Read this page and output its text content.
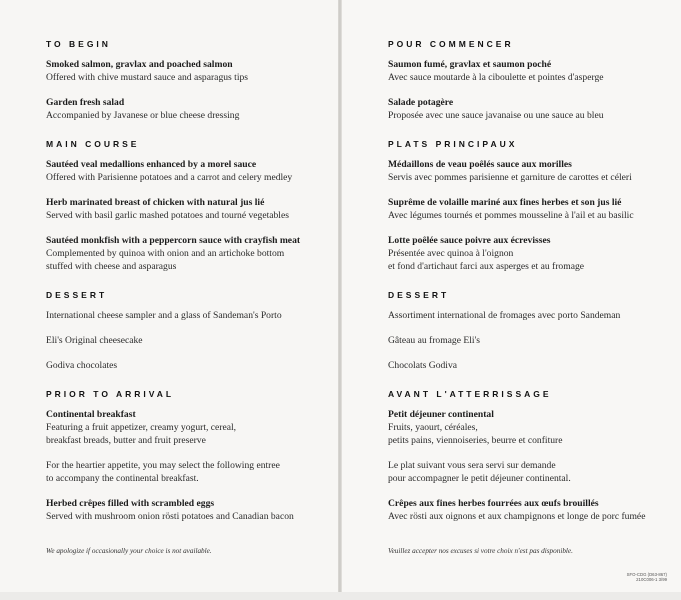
TO BEGIN
Smoked salmon, gravlax and poached salmon
Offered with chive mustard sauce and asparagus tips
Garden fresh salad
Accompanied by Javanese or blue cheese dressing
MAIN COURSE
Sautéed veal medallions enhanced by a morel sauce
Offered with Parisienne potatoes and a carrot and celery medley
Herb marinated breast of chicken with natural jus lié
Served with basil garlic mashed potatoes and tourné vegetables
Sautéed monkfish with a peppercorn sauce with crayfish meat
Complemented by quinoa with onion and an artichoke bottom
stuffed with cheese and asparagus
DESSERT
International cheese sampler and a glass of Sandeman's Porto
Eli's Original cheesecake
Godiva chocolates
PRIOR TO ARRIVAL
Continental breakfast
Featuring a fruit appetizer, creamy yogurt, cereal,
breakfast breads, butter and fruit preserve
For the heartier appetite, you may select the following entree
to accompany the continental breakfast.
Herbed crêpes filled with scrambled eggs
Served with mushroom onion rösti potatoes and Canadian bacon
We apologize if occasionally your choice is not available.
POUR COMMENCER
Saumon fumé, gravlax et saumon poché
Avec sauce moutarde à la ciboulette et pointes d'asperge
Salade potagère
Proposée avec une sauce javanaise ou une sauce au bleu
PLATS PRINCIPAUX
Médaillons de veau poêlés sauce aux morilles
Servis avec pommes parisienne et garniture de carottes et céleri
Suprême de volaille mariné aux fines herbes et son jus lié
Avec légumes tournés et pommes mousseline à l'ail et au basilic
Lotte poêlée sauce poivre aux écrevisses
Présentée avec quinoa à l'oignon
et fond d'artichaut farci aux asperges et au fromage
DESSERT
Assortiment international de fromages avec porto Sandeman
Gâteau au fromage Eli's
Chocolats Godiva
AVANT L'ATTERRISSAGE
Petit déjeuner continental
Fruits, yaourt, céréales,
petits pains, viennoiseries, beurre et confiture
Le plat suivant vous sera servi sur demande
pour accompagner le petit déjeuner continental.
Crêpes aux fines herbes fourrées aux œufs brouillés
Avec rösti aux oignons et aux champignons et longe de porc fumée
Veuillez accepter nos excuses si votre choix n'est pas disponible.
SFO-CDG (D63-867)
210C006-1 3/99
